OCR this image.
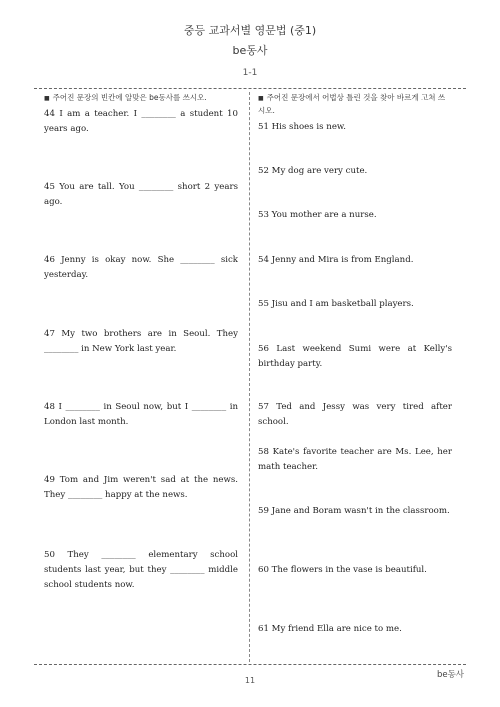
중등 교과서별 영문법 (중1)
be동사
1-1
■ 주어진 문장의 빈칸에 알맞은 be동사를 쓰시오.
44 I am a teacher. I ________ a student 10 years ago.
45 You are tall. You ________ short 2 years ago.
46 Jenny is okay now. She ________ sick yesterday.
47 My two brothers are in Seoul. They ________ in New York last year.
48 I ________ in Seoul now, but I ________ in London last month.
49 Tom and Jim weren't sad at the news. They ________ happy at the news.
50 They ________ elementary school students last year, but they ________ middle school students now.
■ 주어진 문장에서 어법상 틀린 것을 찾아 바르게 고쳐 쓰시오.
51 His shoes is new.
52 My dog are very cute.
53 You mother are a nurse.
54 Jenny and Mira is from England.
55 Jisu and I am basketball players.
56 Last weekend Sumi were at Kelly's birthday party.
57 Ted and Jessy was very tired after school.
58 Kate's favorite teacher are Ms. Lee, her math teacher.
59 Jane and Boram wasn't in the classroom.
60 The flowers in the vase is beautiful.
61 My friend Ella are nice to me.
be동사
11
